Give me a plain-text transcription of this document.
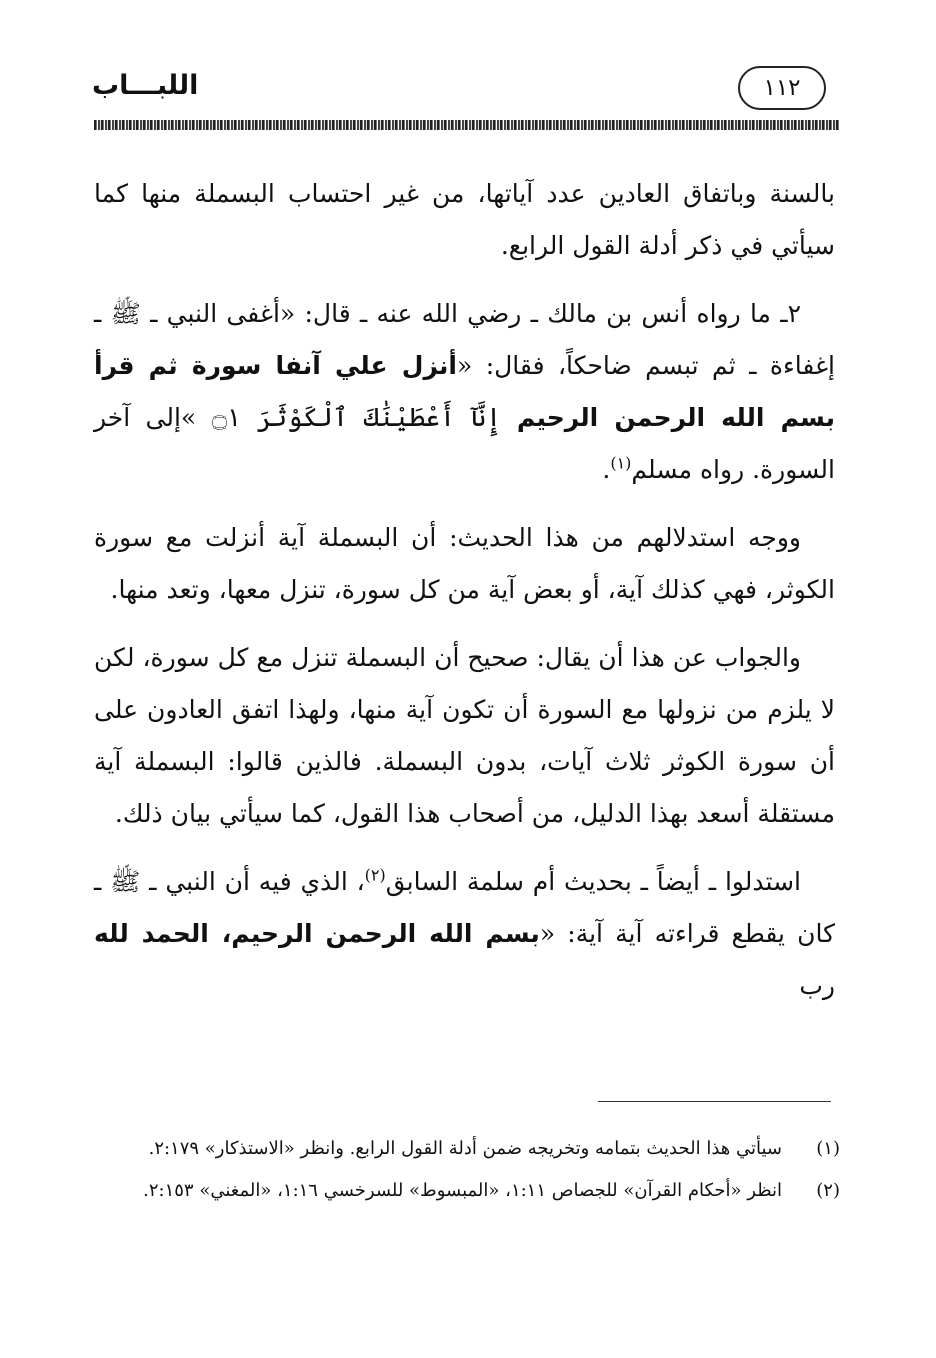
اللبـــاب	١١٢

بالسنة وباتفاق العادين عدد آياتها، من غير احتساب البسملة منها كما سيأتي في ذكر أدلة القول الرابع.

٢ـ ما رواه أنس بن مالك ـ رضي الله عنه ـ قال: «أغفى النبي ـ ﷺ ـ إغفاءة ـ ثم تبسم ضاحكاً، فقال: «أنزل علي آنفا سورة ثم قرأ بسم الله الرحمن الرحيم إِنَّآ أَعْطَيْنَٰكَ ٱلْكَوْثَرَ ۝١ »إلى آخر السورة. رواه مسلم$^{(١)}$.

ووجه استدلالهم من هذا الحديث: أن البسملة آية أنزلت مع سورة الكوثر، فهي كذلك آية، أو بعض آية من كل سورة، تنزل معها، وتعد منها.

والجواب عن هذا أن يقال: صحيح أن البسملة تنزل مع كل سورة، لكن لا يلزم من نزولها مع السورة أن تكون آية منها، ولهذا اتفق العادون على أن سورة الكوثر ثلاث آيات، بدون البسملة. فالذين قالوا: البسملة آية مستقلة أسعد بهذا الدليل، من أصحاب هذا القول، كما سيأتي بيان ذلك.

استدلوا ـ أيضاً ـ بحديث أم سلمة السابق$^{(٢)}$، الذي فيه أن النبي ـ ﷺ ـ كان يقطع قراءته آية آية: «بسم الله الرحمن الرحيم، الحمد لله رب

(١)
سيأتي هذا الحديث بتمامه وتخريجه ضمن أدلة القول الرابع. وانظر «الاستذكار» ٢:١٧٩.
(٢)
انظر «أحكام القرآن» للجصاص ١:١١، «المبسوط» للسرخسي ١:١٦، «المغني» ٢:١٥٣.
